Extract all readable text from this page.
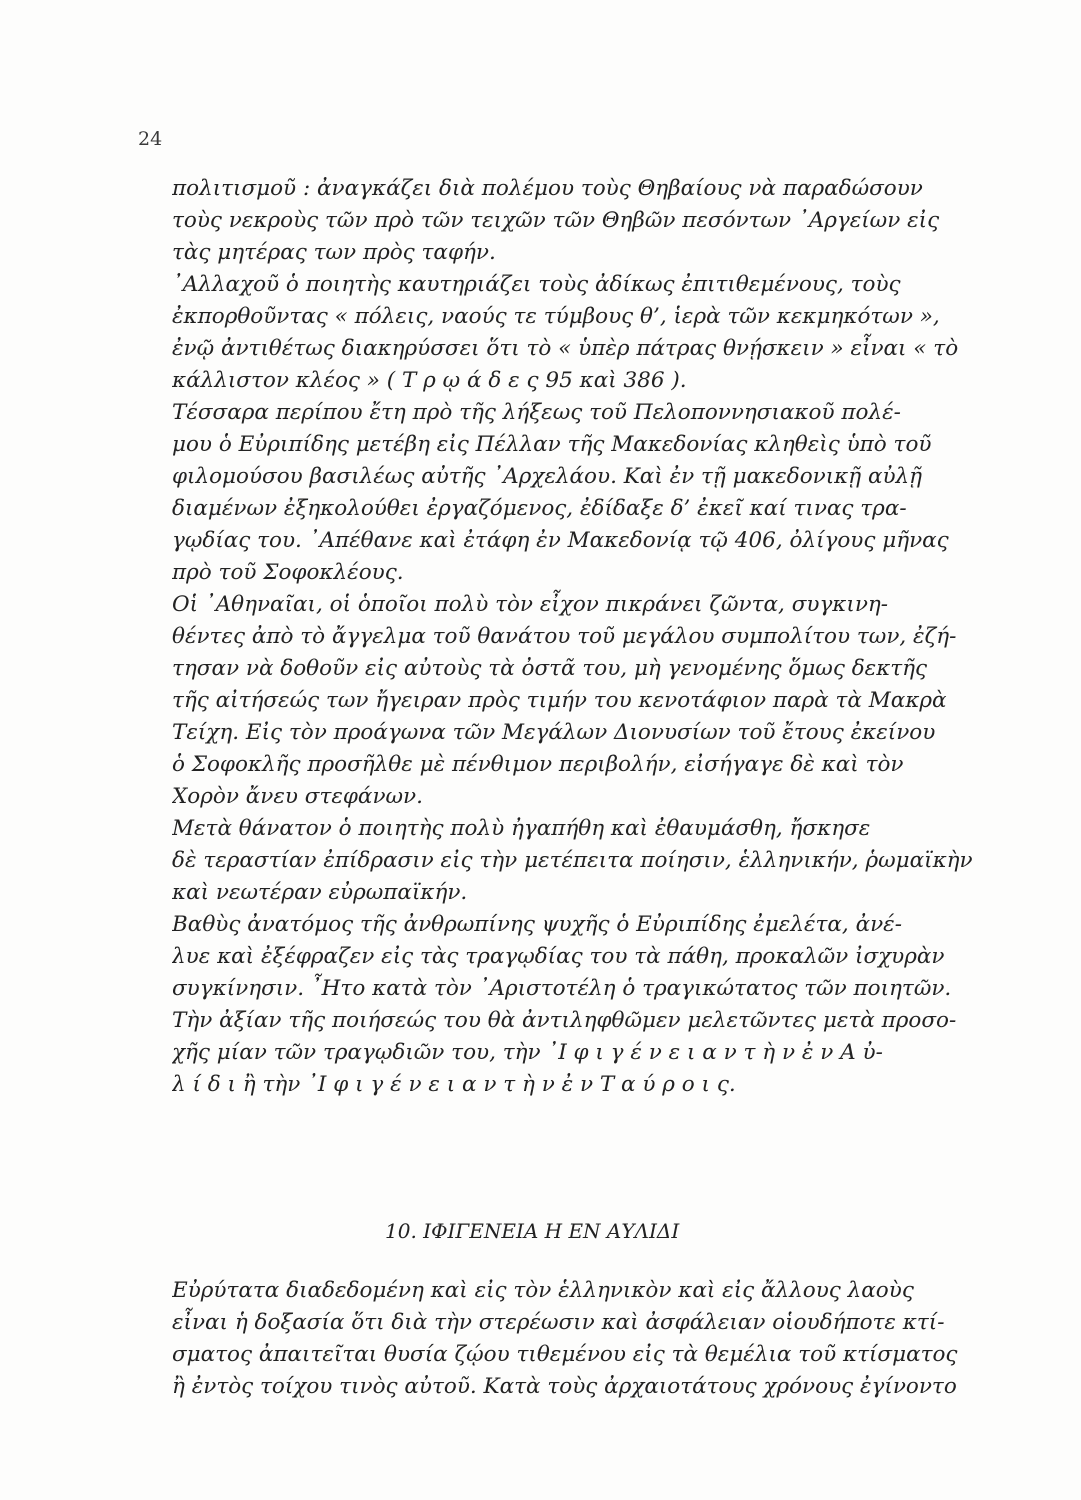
24
πολιτισμοῦ : ἀναγκάζει διὰ πολέμου τοὺς Θηβαίους νὰ παραδώσουν
τοὺς νεκροὺς τῶν πρὸ τῶν τειχῶν τῶν Θηβῶν πεσόντων ᾿Αργείων εἰς
τὰς μητέρας των πρὸς ταφήν.
᾿Αλλαχοῦ ὁ ποιητὴς καυτηριάζει τοὺς ἀδίκως ἐπιτιθεμένους, τοὺς
ἐκπορθοῦντας « πόλεις, ναούς τε τύμβους θ’, ἱερὰ τῶν κεκμηκότων »,
ἐνῷ ἀντιθέτως διακηρύσσει ὅτι τὸ « ὑπὲρ πάτρας θνῄσκειν » εἶναι « τὸ
κάλλιστον κλέος » ( Τ ρ ῳ ά δ ε ς 95 καὶ 386 ).
Τέσσαρα περίπου ἔτη πρὸ τῆς λήξεως τοῦ Πελοποννησιακοῦ πολέ-
μου ὁ Εὐριπίδης μετέβη εἰς Πέλλαν τῆς Μακεδονίας κληθεὶς ὑπὸ τοῦ
φιλομούσου βασιλέως αὐτῆς ᾿Αρχελάου. Καὶ ἐν τῇ μακεδονικῇ αὐλῇ
διαμένων ἐξηκολούθει ἐργαζόμενος, ἐδίδαξε δ’ ἐκεῖ καί τινας τρα-
γῳδίας του. ᾿Απέθανε καὶ ἐτάφη ἐν Μακεδονίᾳ τῷ 406, ὀλίγους μῆνας
πρὸ τοῦ Σοφοκλέους.
Οἱ ᾿Αθηναῖαι, οἱ ὁποῖοι πολὺ τὸν εἶχον πικράνει ζῶντα, συγκινη-
θέντες ἀπὸ τὸ ἄγγελμα τοῦ θανάτου τοῦ μεγάλου συμπολίτου των, ἐζή-
τησαν νὰ δοθοῦν εἰς αὐτοὺς τὰ ὀστᾶ του, μὴ γενομένης ὅμως δεκτῆς
τῆς αἰτήσεώς των ἤγειραν πρὸς τιμήν του κενοτάφιον παρὰ τὰ Μακρὰ
Τείχη. Εἰς τὸν προάγωνα τῶν Μεγάλων Διονυσίων τοῦ ἔτους ἐκείνου
ὁ Σοφοκλῆς προσῆλθε μὲ πένθιμον περιβολήν, εἰσήγαγε δὲ καὶ τὸν
Χορὸν ἄνευ στεφάνων.
Μετὰ θάνατον ὁ ποιητὴς πολὺ ἠγαπήθη καὶ ἐθαυμάσθη, ἤσκησε
δὲ τεραστίαν ἐπίδρασιν εἰς τὴν μετέπειτα ποίησιν, ἑλληνικήν, ῥωμαϊκὴν
καὶ νεωτέραν εὐρωπαϊκήν.
Βαθὺς ἀνατόμος τῆς ἀνθρωπίνης ψυχῆς ὁ Εὐριπίδης ἐμελέτα, ἀνέ-
λυε καὶ ἐξέφραζεν εἰς τὰς τραγῳδίας του τὰ πάθη, προκαλῶν ἰσχυρὰν
συγκίνησιν. ῏Ητο κατὰ τὸν ᾿Αριστοτέλη ὁ τραγικώτατος τῶν ποιητῶν.
Τὴν ἀξίαν τῆς ποιήσεώς του θὰ ἀντιληφθῶμεν μελετῶντες μετὰ προσο-
χῆς μίαν τῶν τραγῳδιῶν του, τὴν ᾿Ι φ ι γ έ ν ε ι α ν τ ὴ ν ἐ ν Α ὐ-
λ ί δ ι ἢ τὴν ᾿Ι φ ι γ έ ν ε ι α ν τ ὴ ν ἐ ν Τ α ύ ρ ο ι ς.
10. ΙΦΙΓΕΝΕΙΑ Η ΕΝ ΑΥΛΙΔΙ
Εὐρύτατα διαδεδομένη καὶ εἰς τὸν ἑλληνικὸν καὶ εἰς ἄλλους λαοὺς
εἶναι ἡ δοξασία ὅτι διὰ τὴν στερέωσιν καὶ ἀσφάλειαν οἱουδήποτε κτί-
σματος ἀπαιτεῖται θυσία ζῴου τιθεμένου εἰς τὰ θεμέλια τοῦ κτίσματος
ἢ ἐντὸς τοίχου τινὸς αὐτοῦ. Κατὰ τοὺς ἀρχαιοτάτους χρόνους ἐγίνοντο
